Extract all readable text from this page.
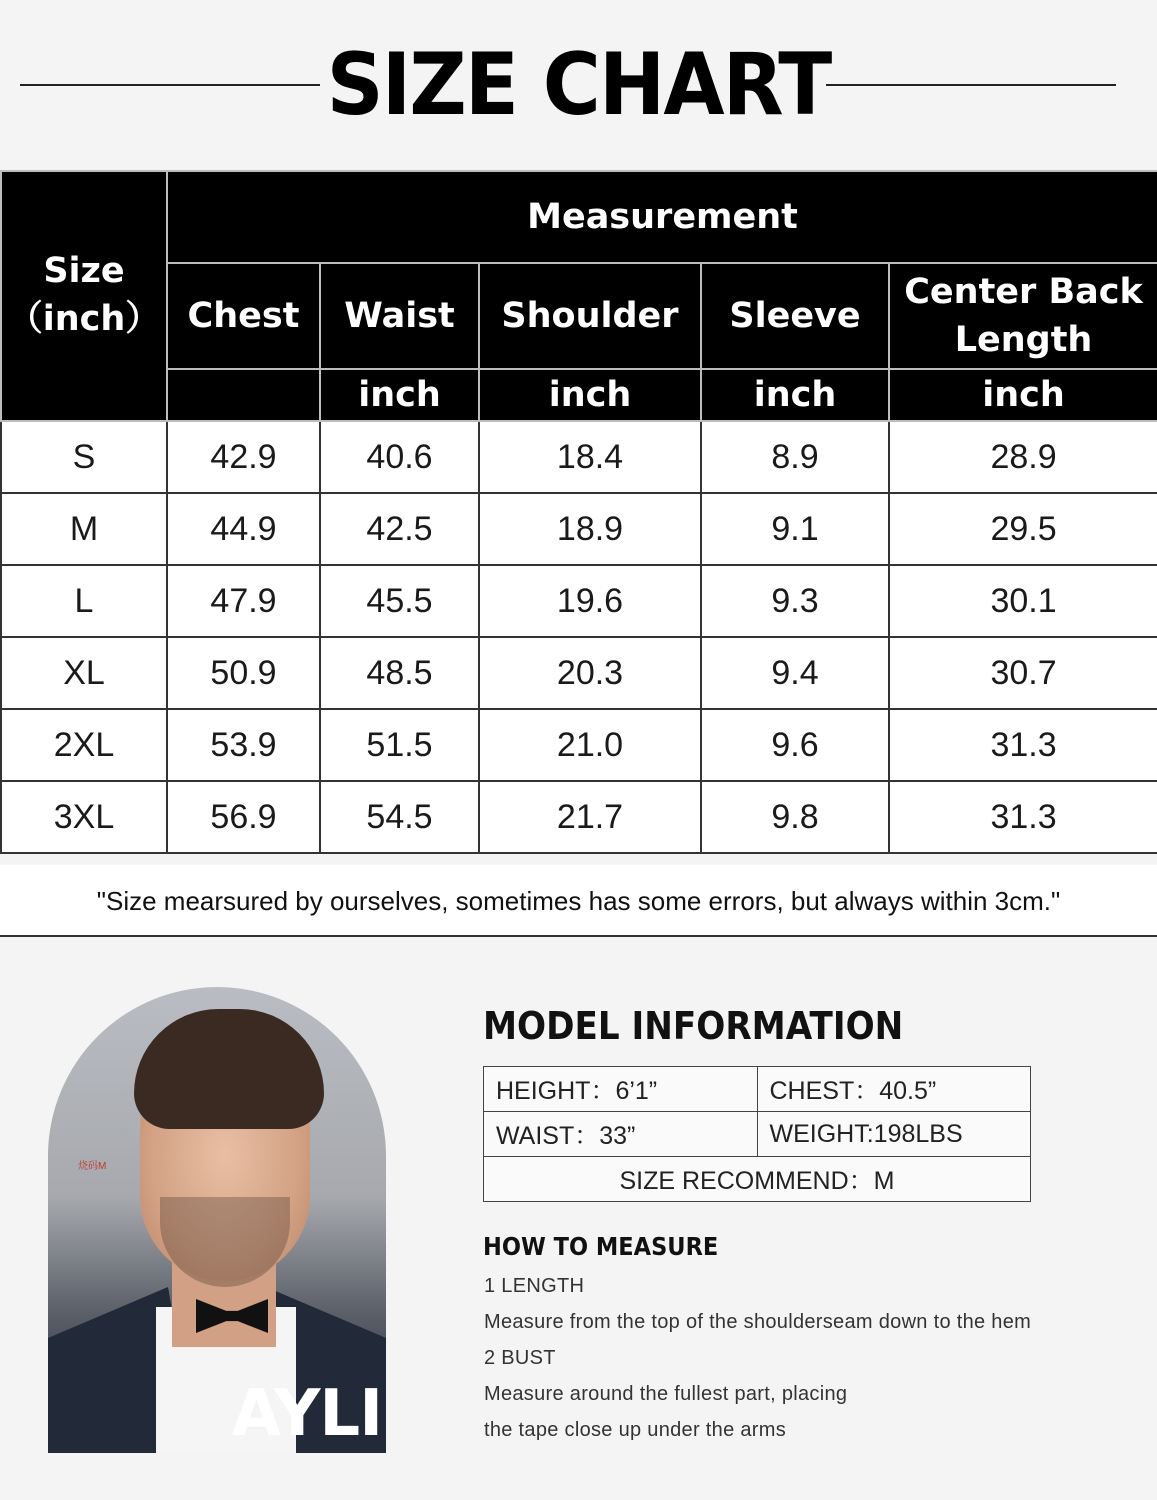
SIZE CHART
Size
（inch）	Measurement				
	Chest	Waist	Shoulder	Sleeve	Center Back Length
		inch	inch	inch	inch
S	42.9	40.6	18.4	8.9	28.9
M	44.9	42.5	18.9	9.1	29.5
L	47.9	45.5	19.6	9.3	30.1
XL	50.9	48.5	20.3	9.4	30.7
2XL	53.9	51.5	21.0	9.6	31.3
3XL	56.9	54.5	21.7	9.8	31.3
"Size mearsured by ourselves, sometimes has some errors, but always within 3cm."
烧码M
AYLI
MODEL INFORMATION
HEIGHT：6’1”	CHEST：40.5”
WAIST：33”	WEIGHT:198LBS
SIZE RECOMMEND：M	
HOW TO MEASURE
1 LENGTH
Measure from the top of the shoulderseam down to the hem
2 BUST
Measure around the fullest part, placing
the tape close up under the arms
